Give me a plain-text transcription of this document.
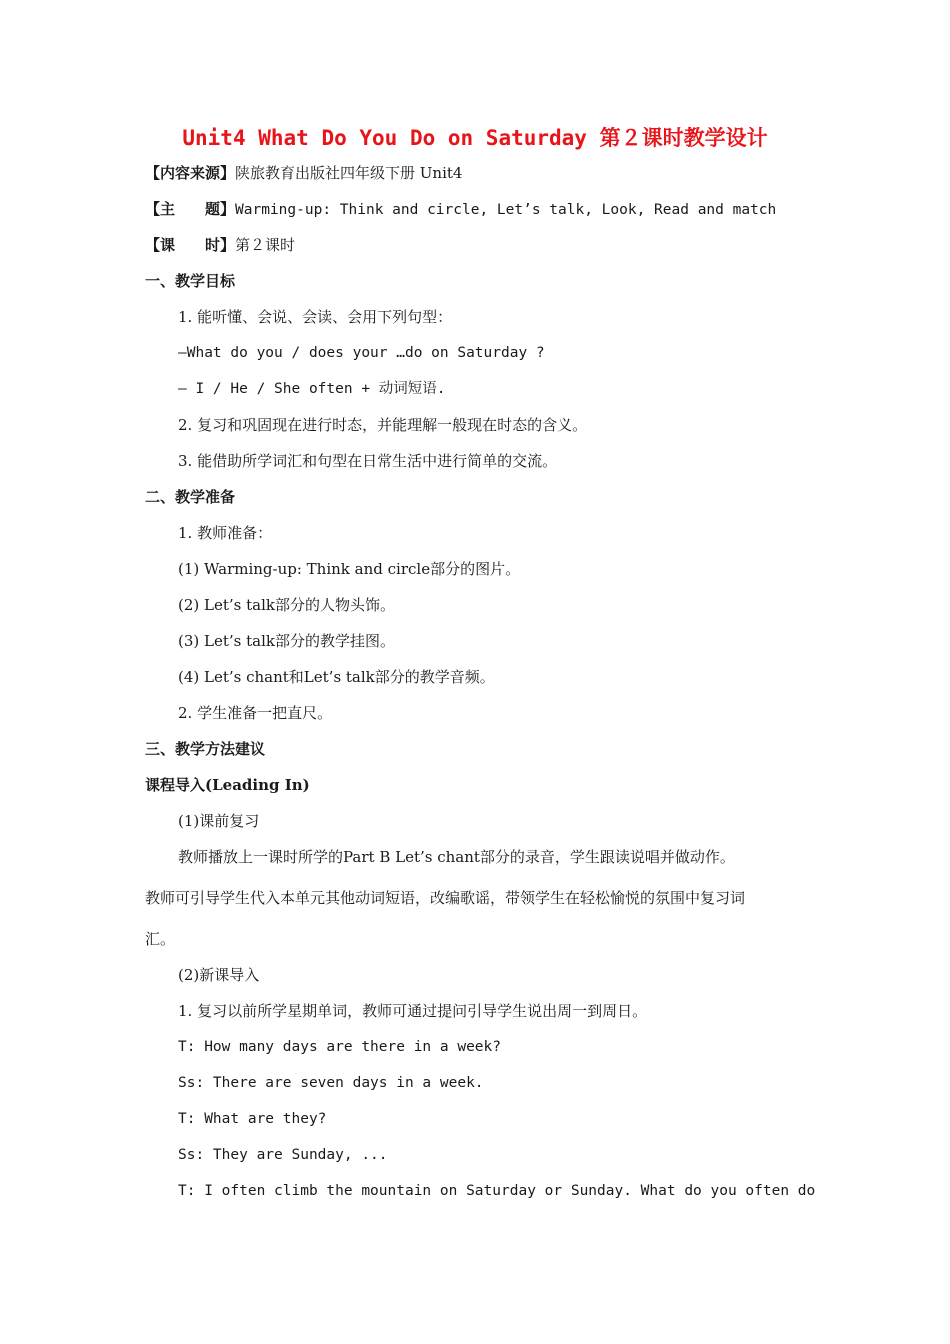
Unit4 What Do You Do on Saturday 第２课时教学设计
【内容来源】陕旅教育出版社四年级下册 Unit4
【主　　题】Warming-up: Think and circle, Let’s talk, Look, Read and match
【课　　时】第２课时
一、教学目标
1. 能听懂、会说、会读、会用下列句型：
—What do you / does your …do on Saturday ?
— I / He / She often + 动词短语.
2. 复习和巩固现在进行时态，并能理解一般现在时态的含义。
3. 能借助所学词汇和句型在日常生活中进行简单的交流。
二、教学准备
1. 教师准备：
(1) Warming-up: Think and circle部分的图片。
(2) Let’s talk部分的人物头饰。
(3) Let’s talk部分的教学挂图。
(4) Let’s chant和Let’s talk部分的教学音频。
2. 学生准备一把直尺。
三、教学方法建议
课程导入(Leading In)
(1)课前复习
教师播放上一课时所学的Part B Let’s chant部分的录音，学生跟读说唱并做动作。
教师可引导学生代入本单元其他动词短语，改编歌谣，带领学生在轻松愉悦的氛围中复习词
汇。
(2)新课导入
1. 复习以前所学星期单词，教师可通过提问引导学生说出周一到周日。
T: How many days are there in a week?
Ss: There are seven days in a week.
T: What are they?
Ss: They are Sunday, ...
T: I often climb the mountain on Saturday or Sunday. What do you often do
